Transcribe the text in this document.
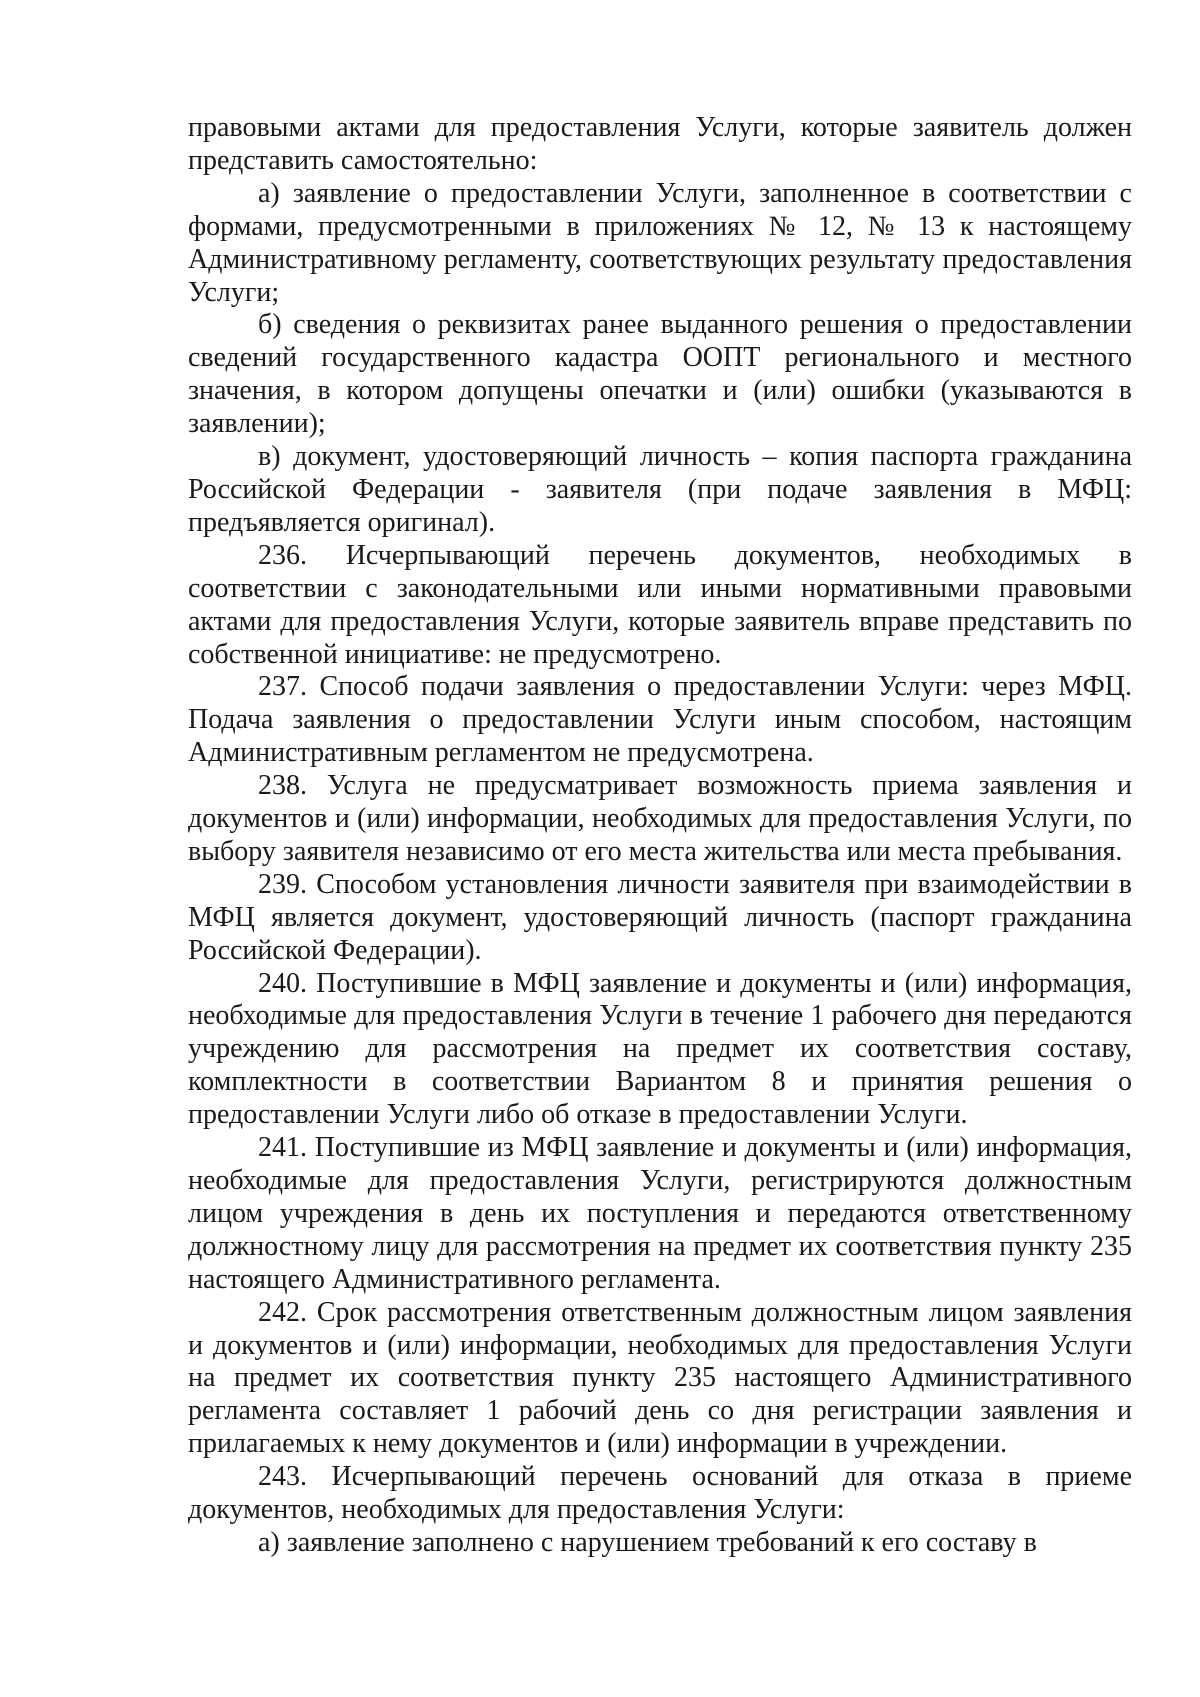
правовыми актами для предоставления Услуги, которые заявитель должен представить самостоятельно:

а) заявление о предоставлении Услуги, заполненное в соответствии с формами, предусмотренными в приложениях № 12, № 13 к настоящему Административному регламенту, соответствующих результату предоставления Услуги;

б) сведения о реквизитах ранее выданного решения о предоставлении сведений государственного кадастра ООПТ регионального и местного значения, в котором допущены опечатки и (или) ошибки (указываются в заявлении);

в) документ, удостоверяющий личность – копия паспорта гражданина Российской Федерации - заявителя (при подаче заявления в МФЦ: предъявляется оригинал).

236. Исчерпывающий перечень документов, необходимых в соответствии с законодательными или иными нормативными правовыми актами для предоставления Услуги, которые заявитель вправе представить по собственной инициативе: не предусмотрено.

237. Способ подачи заявления о предоставлении Услуги: через МФЦ. Подача заявления о предоставлении Услуги иным способом, настоящим Административным регламентом не предусмотрена.

238. Услуга не предусматривает возможность приема заявления и документов и (или) информации, необходимых для предоставления Услуги, по выбору заявителя независимо от его места жительства или места пребывания.

239. Способом установления личности заявителя при взаимодействии в МФЦ является документ, удостоверяющий личность (паспорт гражданина Российской Федерации).

240. Поступившие в МФЦ заявление и документы и (или) информация, необходимые для предоставления Услуги в течение 1 рабочего дня передаются учреждению для рассмотрения на предмет их соответствия составу, комплектности в соответствии Вариантом 8 и принятия решения о предоставлении Услуги либо об отказе в предоставлении Услуги.

241. Поступившие из МФЦ заявление и документы и (или) информация, необходимые для предоставления Услуги, регистрируются должностным лицом учреждения в день их поступления и передаются ответственному должностному лицу для рассмотрения на предмет их соответствия пункту 235 настоящего Административного регламента.

242. Срок рассмотрения ответственным должностным лицом заявления и документов и (или) информации, необходимых для предоставления Услуги на предмет их соответствия пункту 235 настоящего Административного регламента составляет 1 рабочий день со дня регистрации заявления и прилагаемых к нему документов и (или) информации в учреждении.

243. Исчерпывающий перечень оснований для отказа в приеме документов, необходимых для предоставления Услуги:

а) заявление заполнено с нарушением требований к его составу в
